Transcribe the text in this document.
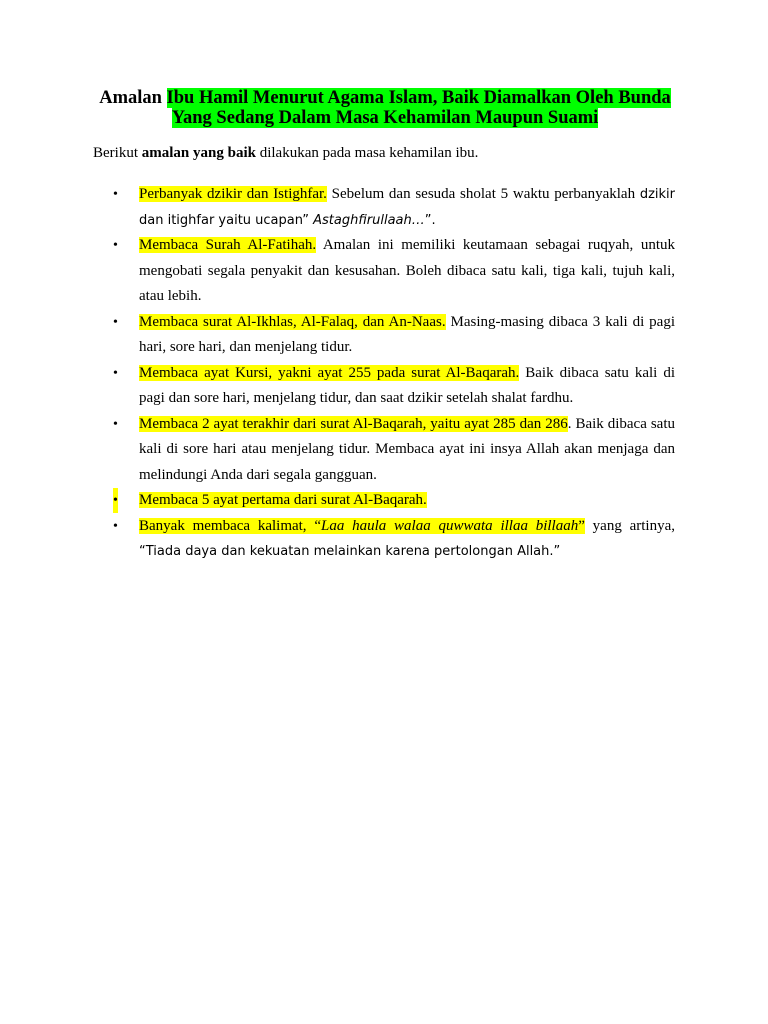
Amalan Ibu Hamil Menurut Agama Islam, Baik Diamalkan Oleh Bunda
Yang Sedang Dalam Masa Kehamilan Maupun Suami
Berikut amalan yang baik dilakukan pada masa kehamilan ibu.
• Perbanyak dzikir dan Istighfar. Sebelum dan sesuda sholat 5 waktu perbanyaklah dzikir dan itighfar yaitu ucapan” Astaghfirullaah…”.
• Membaca Surah Al-Fatihah. Amalan ini memiliki keutamaan sebagai ruqyah, untuk mengobati segala penyakit dan kesusahan. Boleh dibaca satu kali, tiga kali, tujuh kali, atau lebih.
• Membaca surat Al-Ikhlas, Al-Falaq, dan An-Naas. Masing-masing dibaca 3 kali di pagi hari, sore hari, dan menjelang tidur.
• Membaca ayat Kursi, yakni ayat 255 pada surat Al-Baqarah. Baik dibaca satu kali di pagi dan sore hari, menjelang tidur, dan saat dzikir setelah shalat fardhu.
• Membaca 2 ayat terakhir dari surat Al-Baqarah, yaitu ayat 285 dan 286. Baik dibaca satu kali di sore hari atau menjelang tidur. Membaca ayat ini insya Allah akan menjaga dan melindungi Anda dari segala gangguan.
• Membaca 5 ayat pertama dari surat Al-Baqarah.
• Banyak membaca kalimat, “Laa haula walaa quwwata illaa billaah” yang artinya, “Tiada daya dan kekuatan melainkan karena pertolongan Allah.”
